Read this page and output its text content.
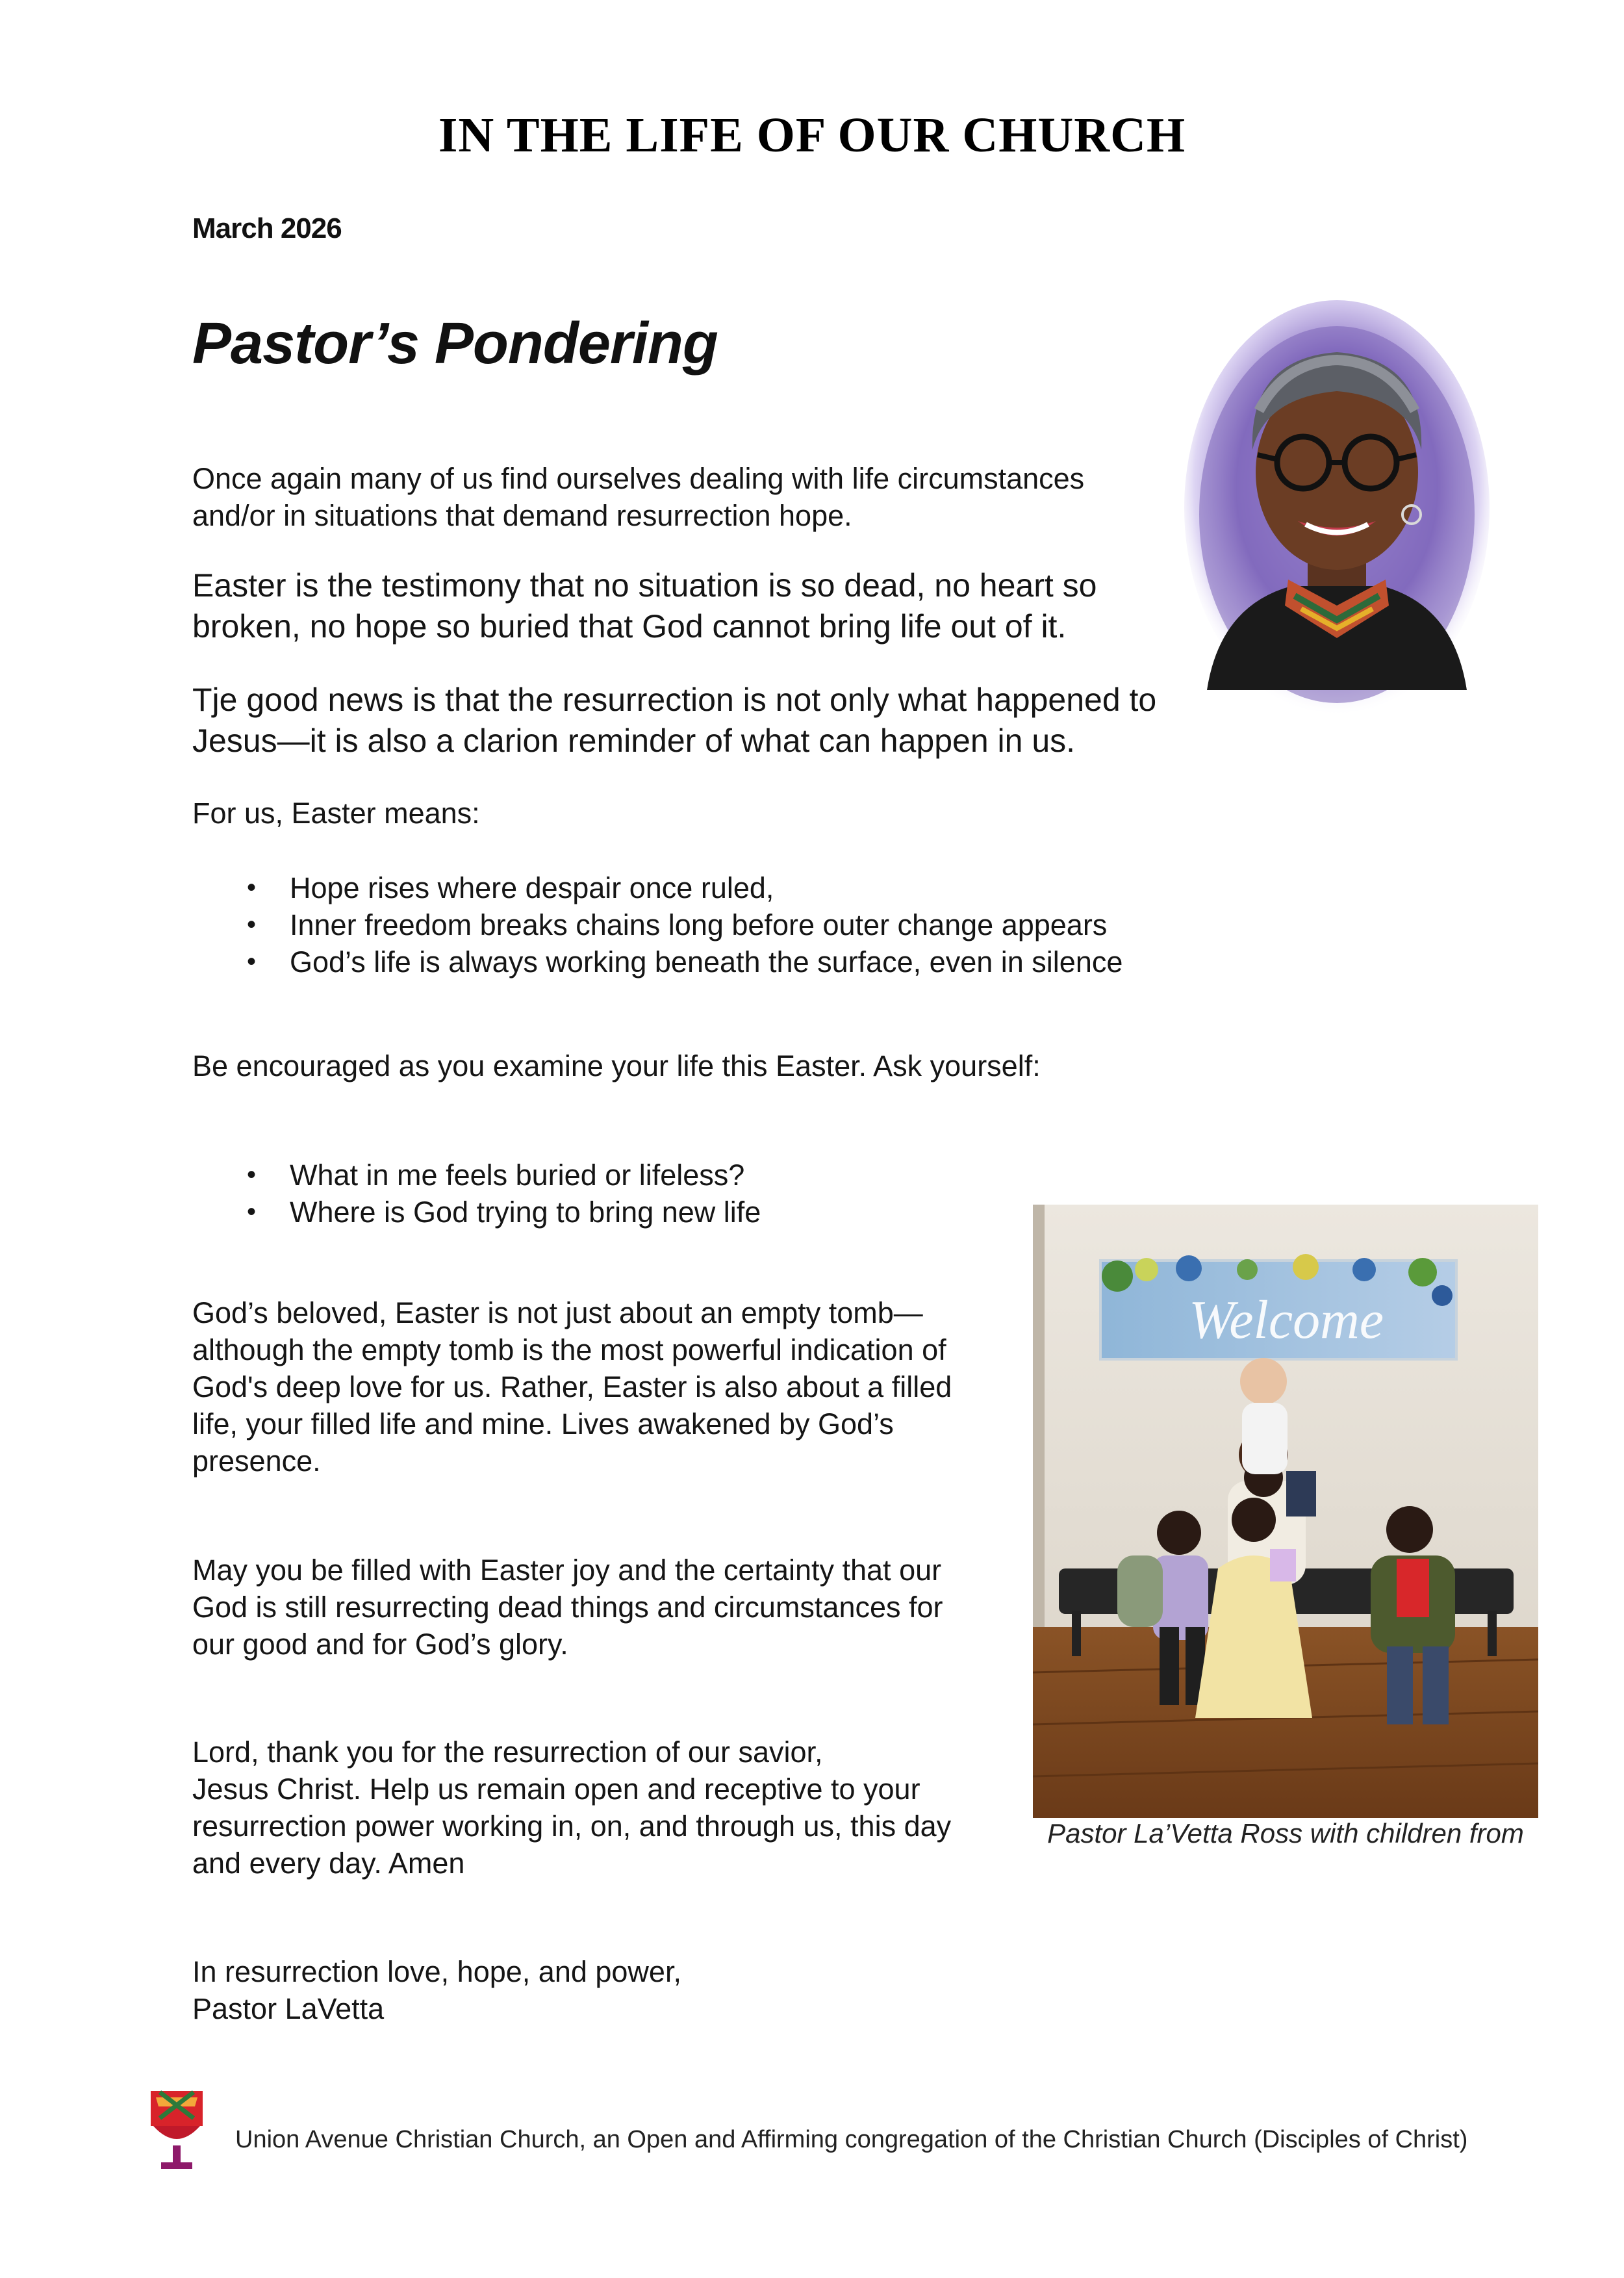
IN THE LIFE OF OUR CHURCH
March 2026
Pastor’s Pondering
Once again many of us find ourselves dealing with life circumstances
and/or in situations that demand resurrection hope.
Easter is the testimony that no situation is so dead, no heart so
broken, no hope so buried that God cannot bring life out of it.
Tje good news is that the resurrection is not only what happened to
Jesus—it is also a clarion reminder of what can happen in us.
For us, Easter means:
• Hope rises where despair once ruled,
• Inner freedom breaks chains long before outer change appears
• God’s life is always working beneath the surface, even in silence
Be encouraged as you examine your life this Easter. Ask yourself:
• What in me feels buried or lifeless?
• Where is God trying to bring new life
God’s beloved, Easter is not just about an empty tomb—
although the empty tomb is the most powerful indication of
God's deep love for us. Rather, Easter is also about a filled
life, your filled life and mine. Lives awakened by God’s
presence.
May you be filled with Easter joy and the certainty that our
God is still resurrecting dead things and circumstances for
our good and for God’s glory.
Lord, thank you for the resurrection of our savior,
Jesus Christ. Help us remain open and receptive to your
resurrection power working in, on, and through us, this day
and every day. Amen
In resurrection love, hope, and power,
Pastor LaVetta
Welcome
Pastor La’Vetta Ross with children from
Union Avenue Christian Church, an Open and Affirming congregation of the Christian Church (Disciples of Christ)
